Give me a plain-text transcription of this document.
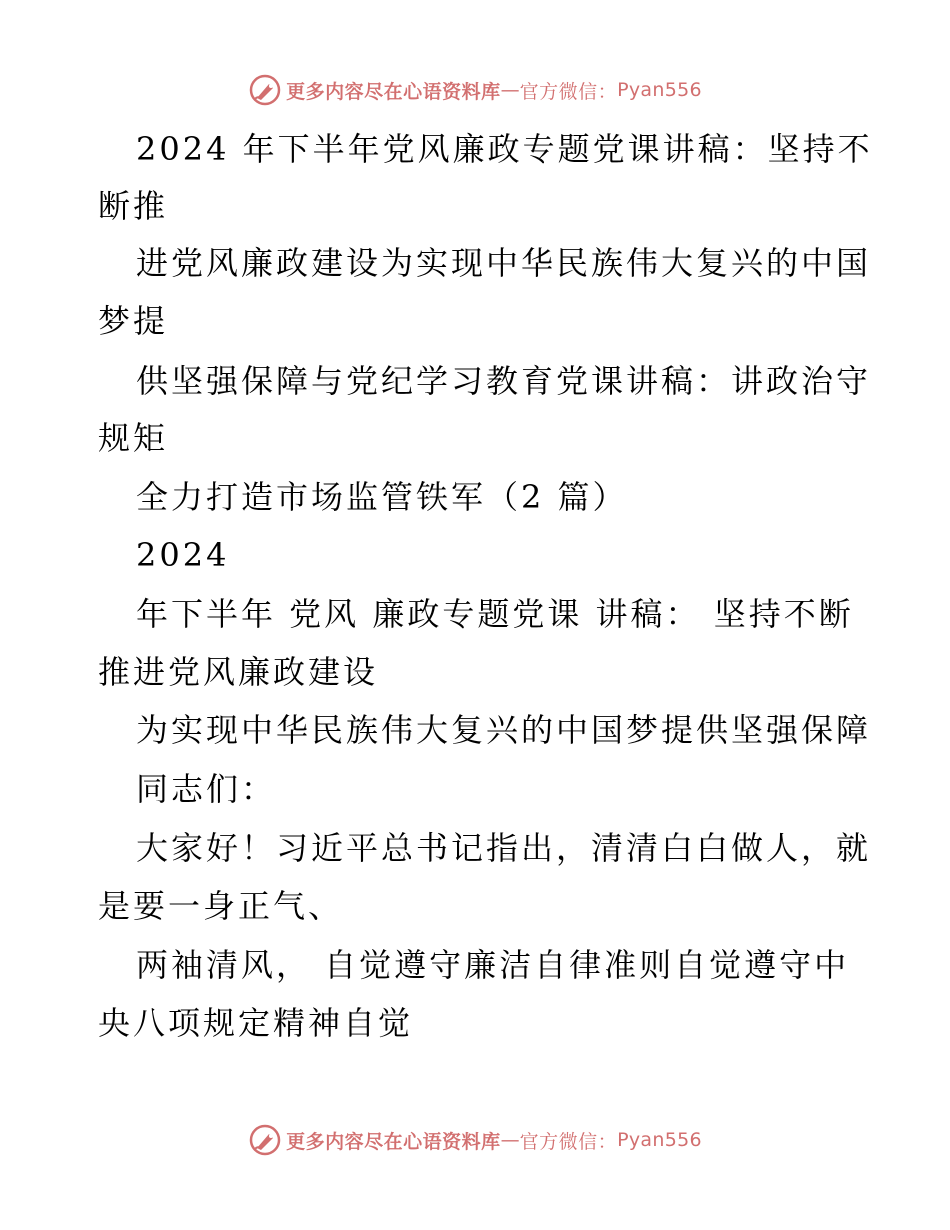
更多内容尽在心语资料库 — 官方微信： Pyan556
2024 年下半年党风廉政专题党课讲稿：坚持不
断推
进党风廉政建设为实现中华民族伟大复兴的中国
梦提
供坚强保障与党纪学习教育党课讲稿：讲政治守
规矩
全力打造市场监管铁军（2 篇）
2024
年下半年 党风 廉政专题党课 讲稿： 坚持不断
推进党风廉政建设
为实现中华民族伟大复兴的中国梦提供坚强保障
同志们：
大家好！习近平总书记指出，清清白白做人，就
是要一身正气、
两袖清风， 自觉遵守廉洁自律准则自觉遵守中
央八项规定精神自觉
更多内容尽在心语资料库 — 官方微信： Pyan556
